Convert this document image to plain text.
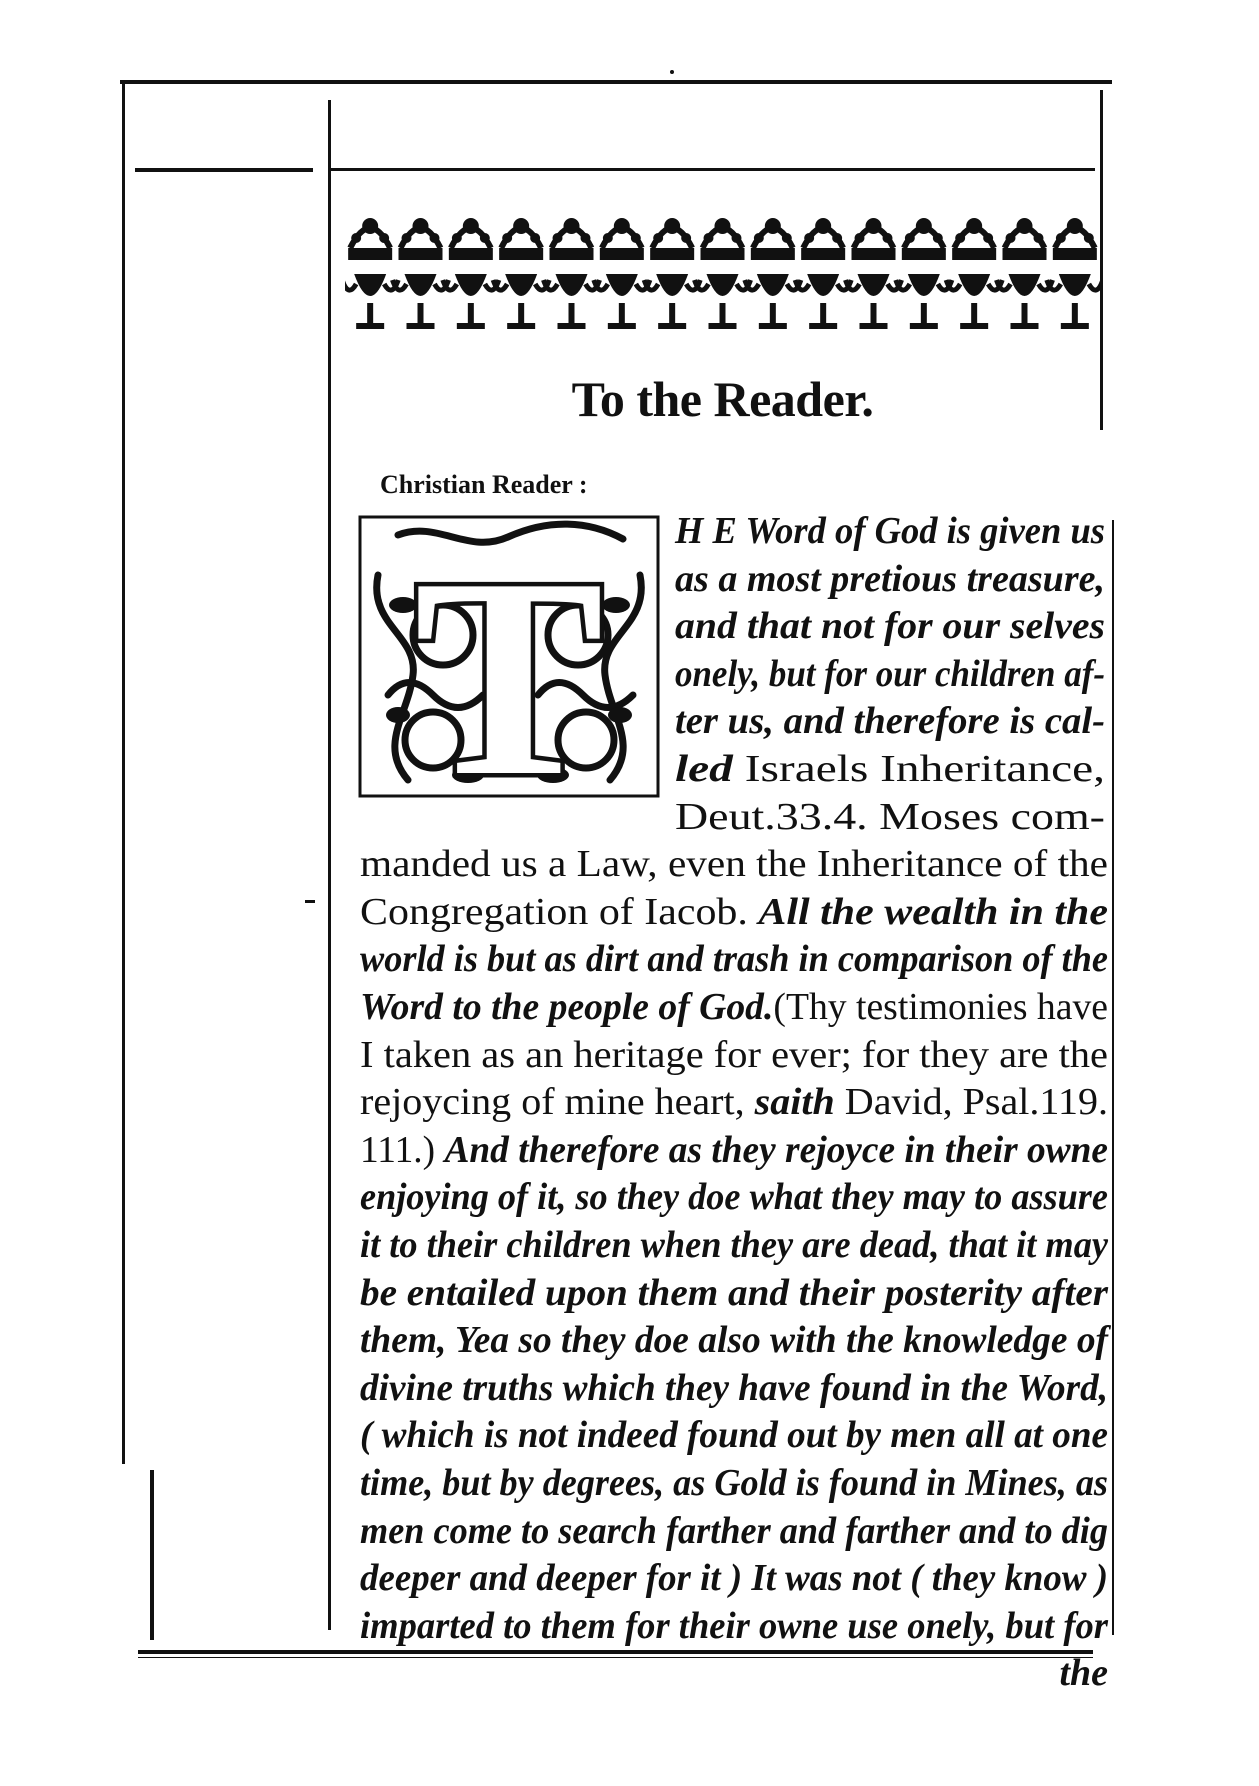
To the Reader.
Christian Reader :
T H E Word of God is given us
as a most pretious treasure,
and that not for our selves
onely, but for our children af-
ter us, and therefore is cal-
led Israels Inheritance,
Deut.33.4. Moses com-
manded us a Law, even the Inheritance of the
Congregation of Iacob. All the wealth in the
world is but as dirt and trash in comparison of the
Word to the people of God.(Thy testimonies have
I taken as an heritage for ever; for they are the
rejoycing of mine heart, saith David, Psal.119.
111.) And therefore as they rejoyce in their owne
enjoying of it, so they doe what they may to assure
it to their children when they are dead, that it may
be entailed upon them and their posterity after
them, Yea so they doe also with the knowledge of
divine truths which they have found in the Word,
( which is not indeed found out by men all at one
time, but by degrees, as Gold is found in Mines, as
men come to search farther and farther and to dig
deeper and deeper for it ) It was not ( they know )
imparted to them for their owne use onely, but for
the
